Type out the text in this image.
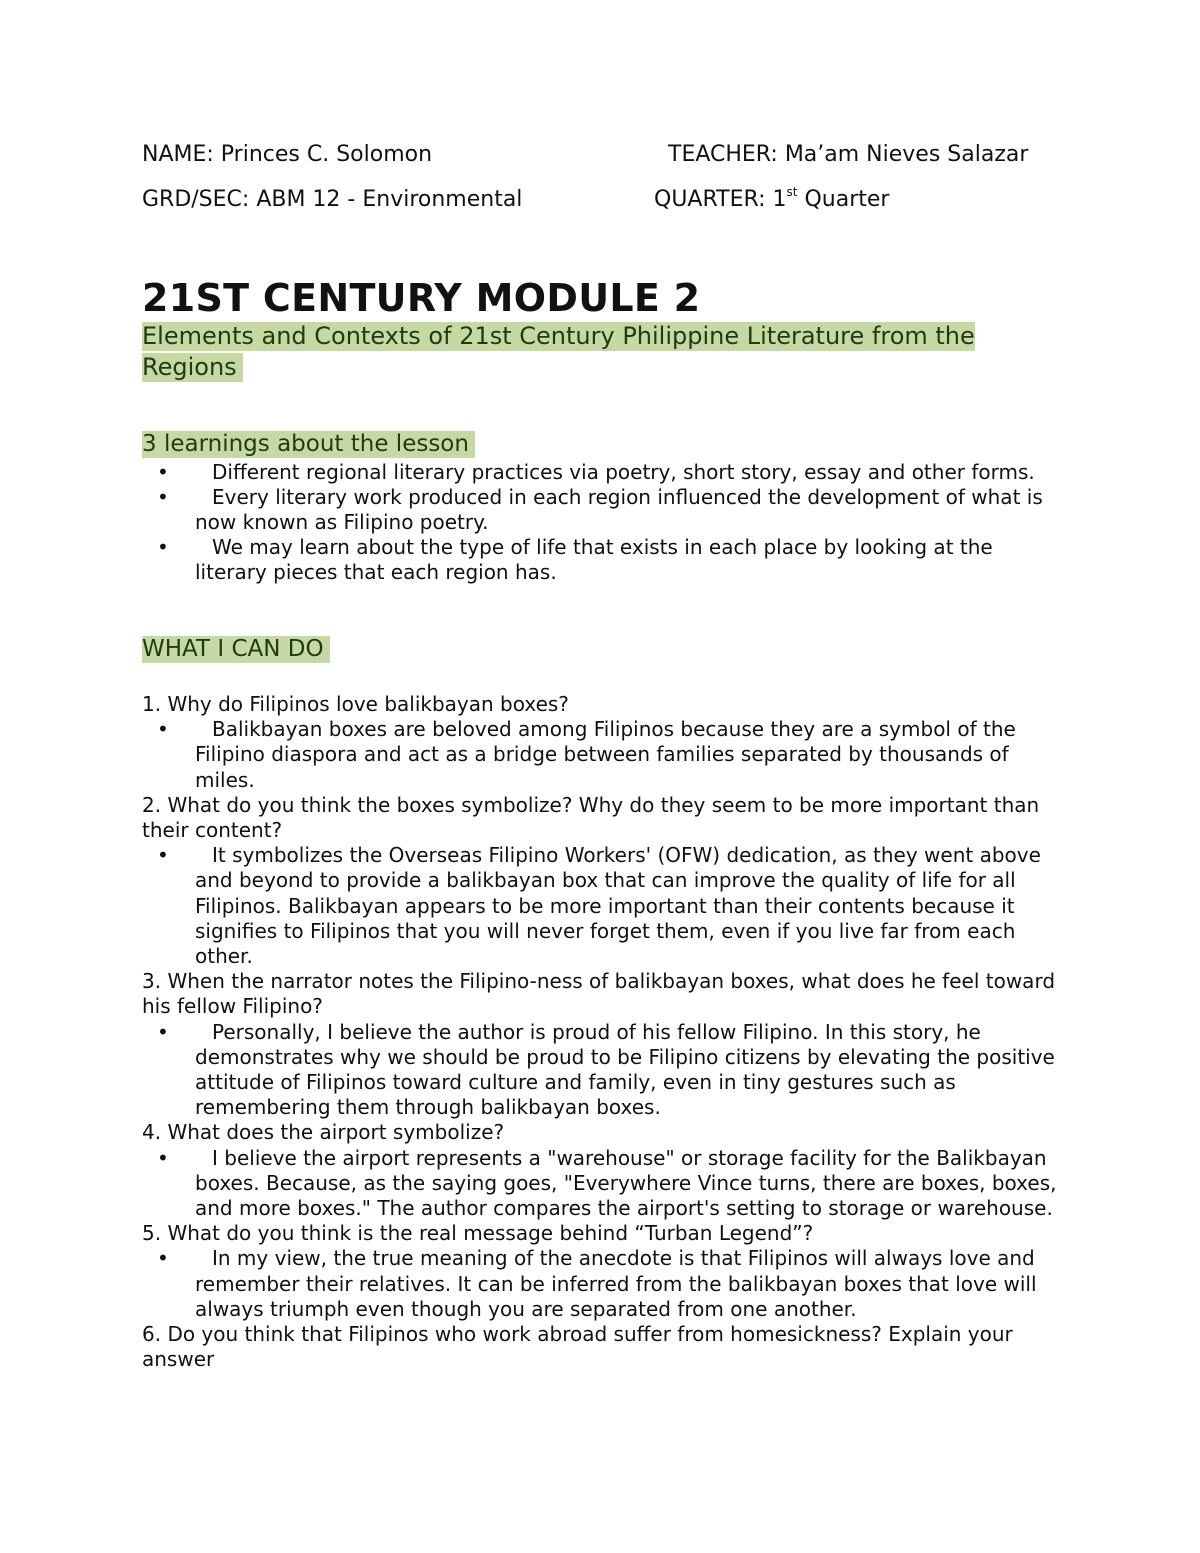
NAME: Princes C. Solomon	TEACHER: Ma’am Nieves Salazar
GRD/SEC: ABM 12 - Environmental	QUARTER: 1st Quarter
21ST CENTURY MODULE 2
Elements and Contexts of 21st Century Philippine Literature from the Regions
3 learnings about the lesson
• Different regional literary practices via poetry, short story, essay and other forms.
• Every literary work produced in each region influenced the development of what is now known as Filipino poetry.
• We may learn about the type of life that exists in each place by looking at the literary pieces that each region has.
WHAT I CAN DO

1. Why do Filipinos love balikbayan boxes?

• Balikbayan boxes are beloved among Filipinos because they are a symbol of the Filipino diaspora and act as a bridge between families separated by thousands of miles.

2. What do you think the boxes symbolize? Why do they seem to be more important than their content?

• It symbolizes the Overseas Filipino Workers' (OFW) dedication, as they went above and beyond to provide a balikbayan box that can improve the quality of life for all Filipinos. Balikbayan appears to be more important than their contents because it signifies to Filipinos that you will never forget them, even if you live far from each other.

3. When the narrator notes the Filipino-ness of balikbayan boxes, what does he feel toward his fellow Filipino?

• Personally, I believe the author is proud of his fellow Filipino. In this story, he demonstrates why we should be proud to be Filipino citizens by elevating the positive attitude of Filipinos toward culture and family, even in tiny gestures such as remembering them through balikbayan boxes.

4. What does the airport symbolize?

• I believe the airport represents a "warehouse" or storage facility for the Balikbayan boxes. Because, as the saying goes, "Everywhere Vince turns, there are boxes, boxes, and more boxes." The author compares the airport's setting to storage or warehouse.

5. What do you think is the real message behind “Turban Legend”?

• In my view, the true meaning of the anecdote is that Filipinos will always love and remember their relatives. It can be inferred from the balikbayan boxes that love will always triumph even though you are separated from one another.

6. Do you think that Filipinos who work abroad suffer from homesickness? Explain your answer
